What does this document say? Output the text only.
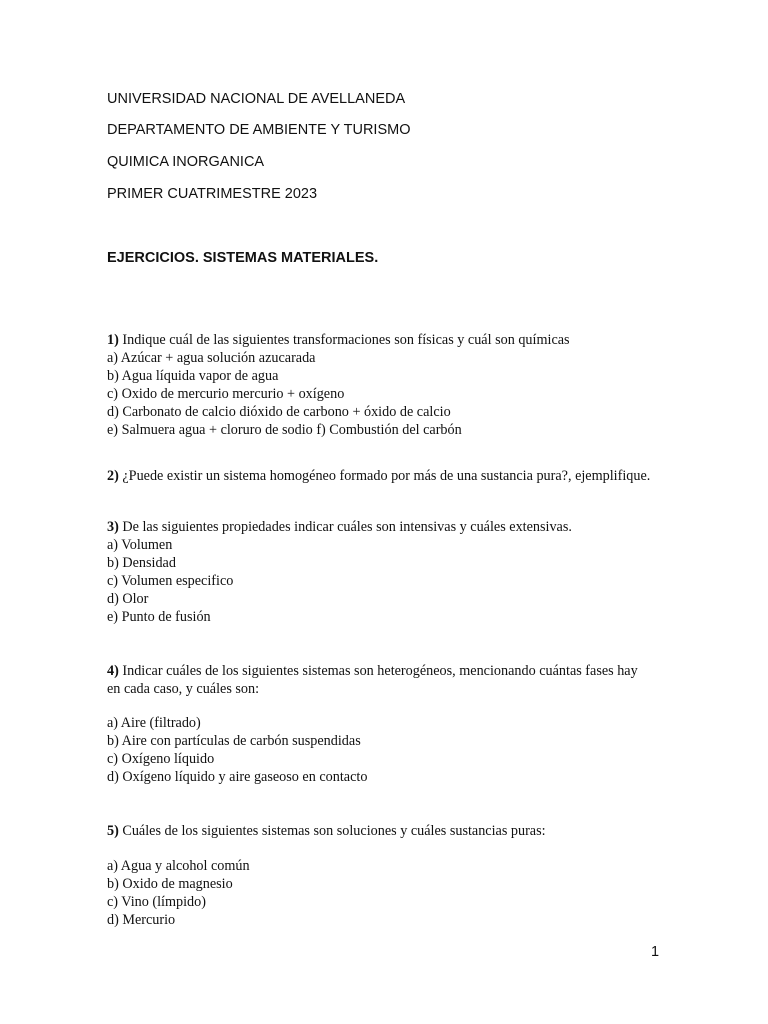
UNIVERSIDAD NACIONAL DE AVELLANEDA
DEPARTAMENTO DE AMBIENTE Y TURISMO
QUIMICA INORGANICA
PRIMER CUATRIMESTRE 2023
EJERCICIOS. SISTEMAS MATERIALES.
1) Indique cuál de las siguientes transformaciones son físicas y cuál son químicas
a) Azúcar + agua solución azucarada
b) Agua líquida vapor de agua
c) Oxido de mercurio mercurio + oxígeno
d) Carbonato de calcio dióxido de carbono + óxido de calcio
e) Salmuera agua + cloruro de sodio f) Combustión del carbón
2) ¿Puede existir un sistema homogéneo formado por más de una sustancia pura?, ejemplifique.
3) De las siguientes propiedades indicar cuáles son intensivas y cuáles extensivas.
a) Volumen
b) Densidad
c) Volumen especifico
d) Olor
e) Punto de fusión
4) Indicar cuáles de los siguientes sistemas son heterogéneos, mencionando cuántas fases hay
en cada caso, y cuáles son:
a) Aire (filtrado)
b) Aire con partículas de carbón suspendidas
c) Oxígeno líquido
d) Oxígeno líquido y aire gaseoso en contacto
5) Cuáles de los siguientes sistemas son soluciones y cuáles sustancias puras:
a) Agua y alcohol común
b) Oxido de magnesio
c) Vino (límpido)
d) Mercurio
1
